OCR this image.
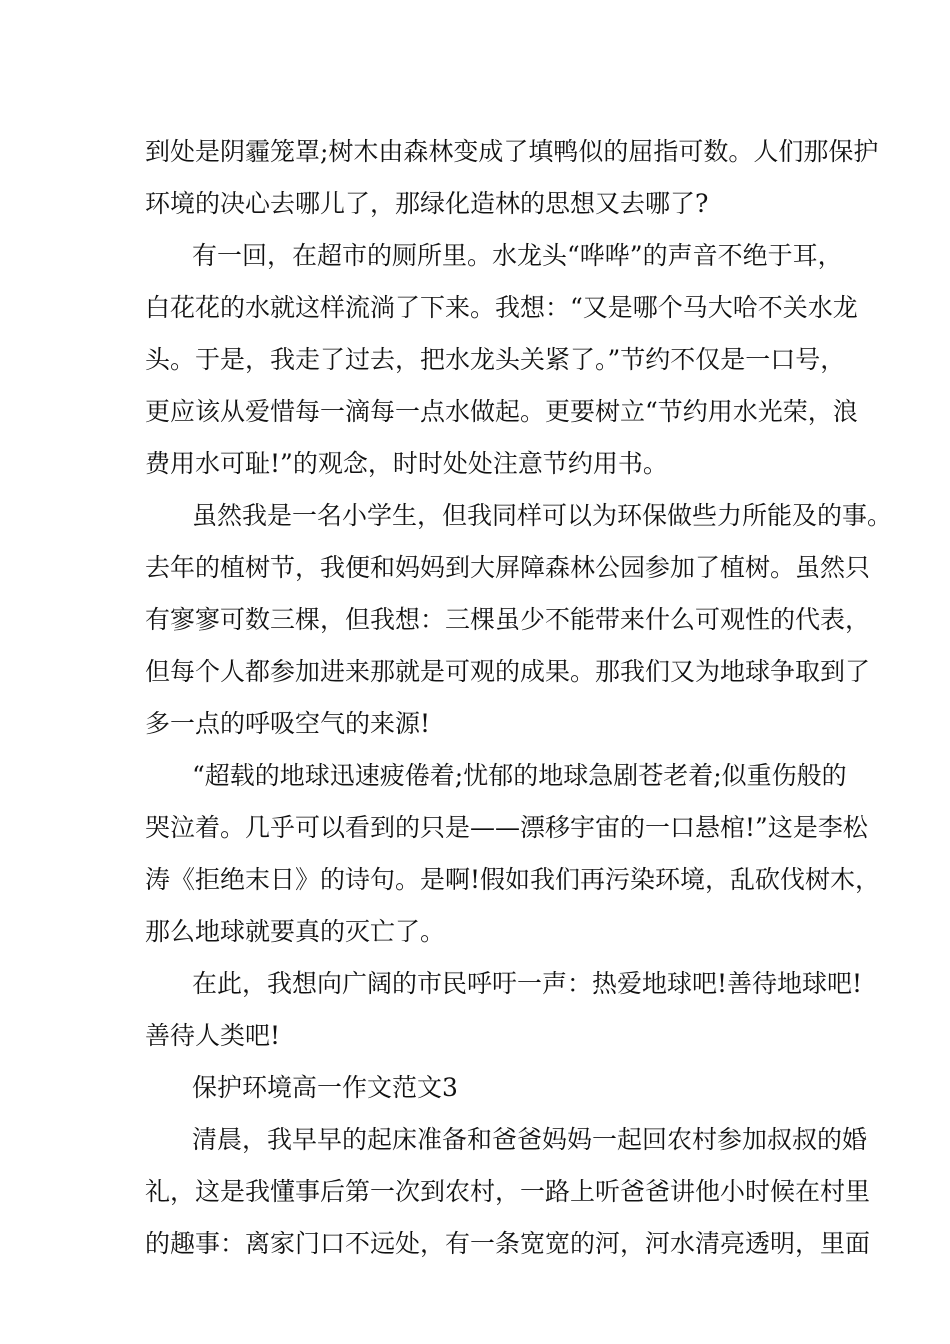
到处是阴霾笼罩;树木由森林变成了填鸭似的屈指可数。人们那保护
环境的决心去哪儿了，那绿化造林的思想又去哪了?
有一回，在超市的厕所里。水龙头“哗哗”的声音不绝于耳，
白花花的水就这样流淌了下来。我想：“又是哪个马大哈不关水龙
头。于是，我走了过去，把水龙头关紧了。”节约不仅是一口号，
更应该从爱惜每一滴每一点水做起。更要树立“节约用水光荣，浪
费用水可耻!”的观念，时时处处注意节约用书。
虽然我是一名小学生，但我同样可以为环保做些力所能及的事。
去年的植树节，我便和妈妈到大屏障森林公园参加了植树。虽然只
有寥寥可数三棵，但我想：三棵虽少不能带来什么可观性的代表，
但每个人都参加进来那就是可观的成果。那我们又为地球争取到了
多一点的呼吸空气的来源!
“超载的地球迅速疲倦着;忧郁的地球急剧苍老着;似重伤般的
哭泣着。几乎可以看到的只是——漂移宇宙的一口悬棺!”这是李松
涛《拒绝末日》的诗句。是啊!假如我们再污染环境，乱砍伐树木，
那么地球就要真的灭亡了。
在此，我想向广阔的市民呼吁一声：热爱地球吧!善待地球吧!
善待人类吧!
保护环境高一作文范文3
清晨，我早早的起床准备和爸爸妈妈一起回农村参加叔叔的婚
礼，这是我懂事后第一次到农村，一路上听爸爸讲他小时候在村里
的趣事：离家门口不远处，有一条宽宽的河，河水清亮透明，里面
